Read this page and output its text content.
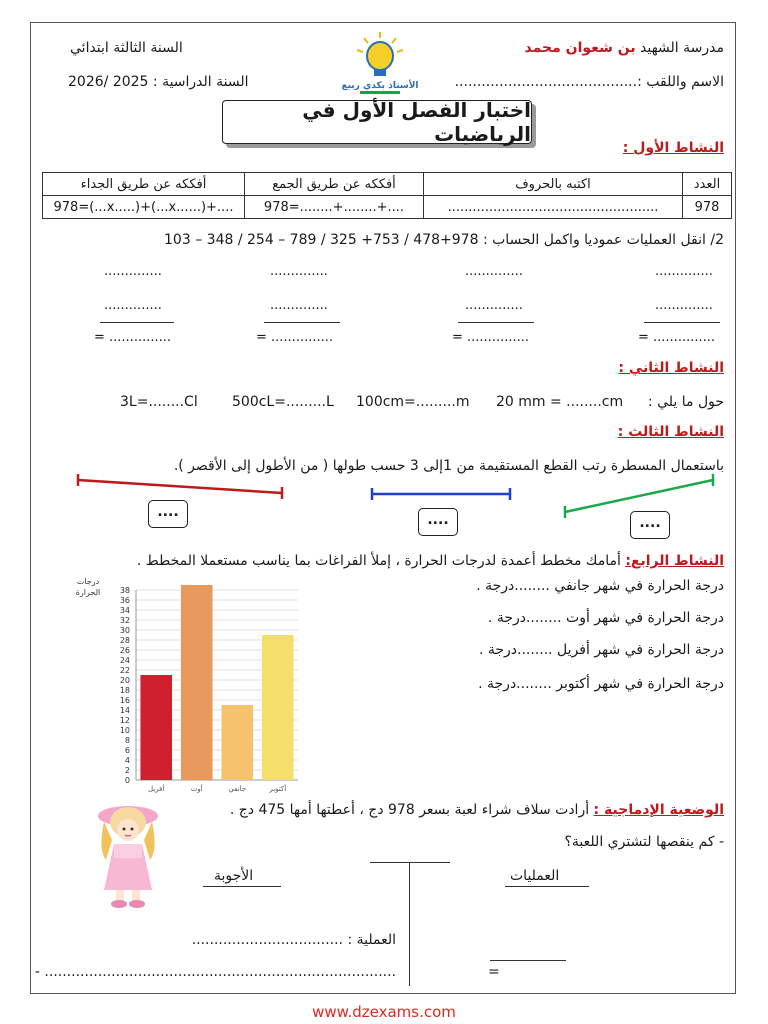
مدرسة الشهيد بن شعوان محمد
الاسم واللقب :.........................................
السنة الثالثة ابتدائي
السنة الدراسية : 2025 /2026	الأستاذ بكدي ربيع
اختبار الفصل الأول في الرياضيات
النشاط الأول :
العدد	اكتبه بالحروف	أفككه عن طريق الجمع	أفككه عن طريق الجداء
978	...................................................	978=........+........+....	978=(...x.....)+(...x......)+....
2/ انقل العمليات عموديا واكمل الحساب : 978+478 / 753+ 325 / 789 – 254 / 348 – 103
..............	..............	..............	..............
..............	..............	..............	..............
= ...............	= ...............	= ...............	= ...............
النشاط الثاني :
حول ما يلي :
20 mm = ........cm
100cm=.........m
500cL=.........L
3L=........Cl
النشاط الثالث :
باستعمال المسطرة رتب القطع المستقيمة من 1إلى 3 حسب طولها ( من الأطول إلى الأقصر ).
....	....	....
النشاط الرابع: أمامك مخطط أعمدة لدرجات الحرارة ، إملأ الفراغات بما يناسب مستعملا المخطط .
درجة الحرارة في شهر جانفي ........درجة .
درجة الحرارة في شهر أوت ........درجة .
درجة الحرارة في شهر أفريل ........درجة .
درجة الحرارة في شهر أكتوبر ........درجة .
درجات
الحرارة
0
2
4
6
8
10
12
14
16
18
20
22
24
26
28
30
32
34
36
38
أفريل	أوت	جانفي	أكتوبر
الوضعية الإدماجية : أرادت سلاف شراء لعبة بسعر 978 دج ، أعطتها أمها 475 دج .
- كم ينقصها لتشتري اللعبة؟
العمليات
الأجوبة
العملية : ..................................
............................................................................... -	=
www.dzexams.com
